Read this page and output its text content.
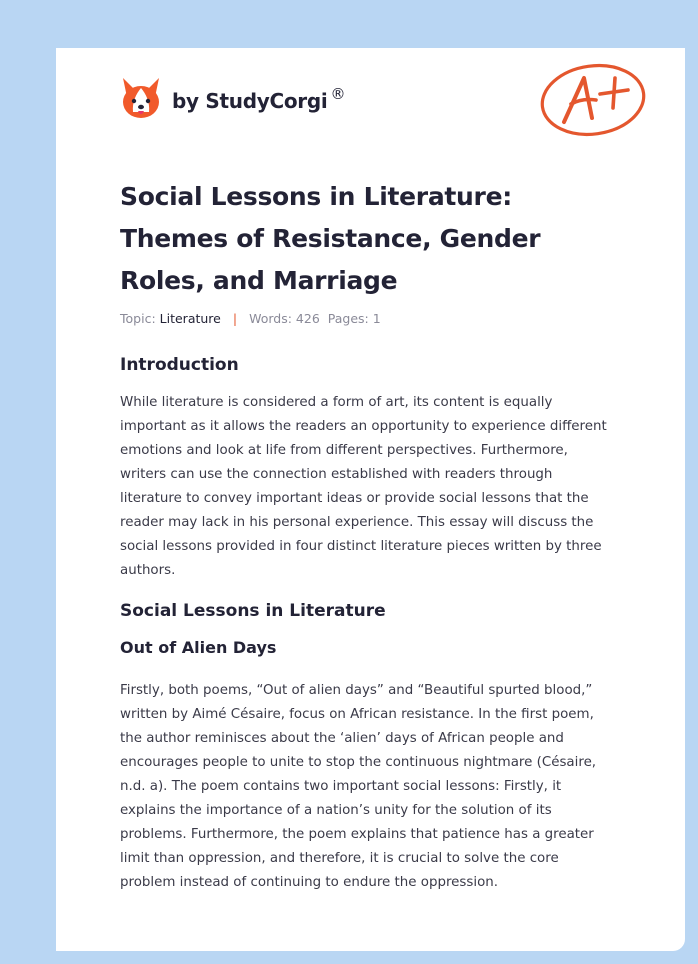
by StudyCorgi ®
Social Lessons in Literature:
Themes of Resistance, Gender
Roles, and Marriage
Topic: Literature | Words: 426 Pages: 1
Introduction

While literature is considered a form of art, its content is equally
important as it allows the readers an opportunity to experience different
emotions and look at life from different perspectives. Furthermore,
writers can use the connection established with readers through
literature to convey important ideas or provide social lessons that the
reader may lack in his personal experience. This essay will discuss the
social lessons provided in four distinct literature pieces written by three
authors.

Social Lessons in Literature
Out of Alien Days

Firstly, both poems, “Out of alien days” and “Beautiful spurted blood,”
written by Aimé Césaire, focus on African resistance. In the first poem,
the author reminisces about the ‘alien’ days of African people and
encourages people to unite to stop the continuous nightmare (Césaire,
n.d. a). The poem contains two important social lessons: Firstly, it
explains the importance of a nation’s unity for the solution of its
problems. Furthermore, the poem explains that patience has a greater
limit than oppression, and therefore, it is crucial to solve the core
problem instead of continuing to endure the oppression.
